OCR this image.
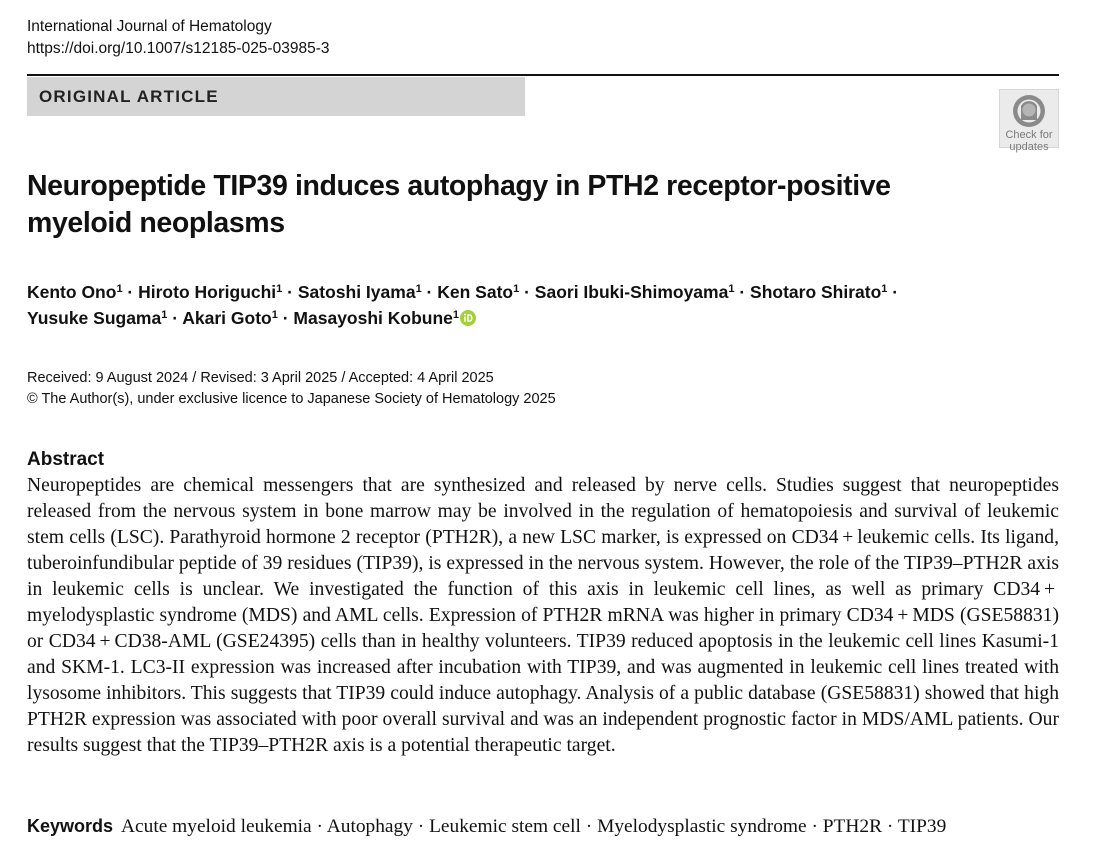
International Journal of Hematology
https://doi.org/10.1007/s12185-025-03985-3
ORIGINAL ARTICLE
Check for
updates
Neuropeptide TIP39 induces autophagy in PTH2 receptor-positive
myeloid neoplasms
Kento Ono$^1$ · Hiroto Horiguchi$^1$ · Satoshi Iyama$^1$ · Ken Sato$^1$ · Saori Ibuki-Shimoyama$^1$ · Shotaro Shirato$^1$ ·
Yusuke Sugama$^1$ · Akari Goto$^1$ · Masayoshi Kobune$^1$
Received: 9 August 2024 / Revised: 3 April 2025 / Accepted: 4 April 2025
© The Author(s), under exclusive licence to Japanese Society of Hematology 2025
Abstract

Neuropeptides are chemical messengers that are synthesized and released by nerve cells. Studies suggest that neuropeptides released from the nervous system in bone marrow may be involved in the regulation of hematopoiesis and survival of leukemic stem cells (LSC). Parathyroid hormone 2 receptor (PTH2R), a new LSC marker, is expressed on CD34 + leukemic cells. Its ligand, tuberoinfundibular peptide of 39 residues (TIP39), is expressed in the nervous system. However, the role of the TIP39–PTH2R axis in leukemic cells is unclear. We investigated the function of this axis in leukemic cell lines, as well as primary CD34 + myelodysplastic syndrome (MDS) and AML cells. Expression of PTH2R mRNA was higher in primary CD34 + MDS (GSE58831) or CD34 + CD38-AML (GSE24395) cells than in healthy volunteers. TIP39 reduced apoptosis in the leukemic cell lines Kasumi-1 and SKM-1. LC3-II expression was increased after incubation with TIP39, and was augmented in leukemic cell lines treated with lysosome inhibitors. This suggests that TIP39 could induce autophagy. Analysis of a public database (GSE58831) showed that high PTH2R expression was associated with poor overall survival and was an independent prognostic factor in MDS/AML patients. Our results suggest that the TIP39–PTH2R axis is a potential therapeutic target.

Keywords Acute myeloid leukemia · Autophagy · Leukemic stem cell · Myelodysplastic syndrome · PTH2R · TIP39
